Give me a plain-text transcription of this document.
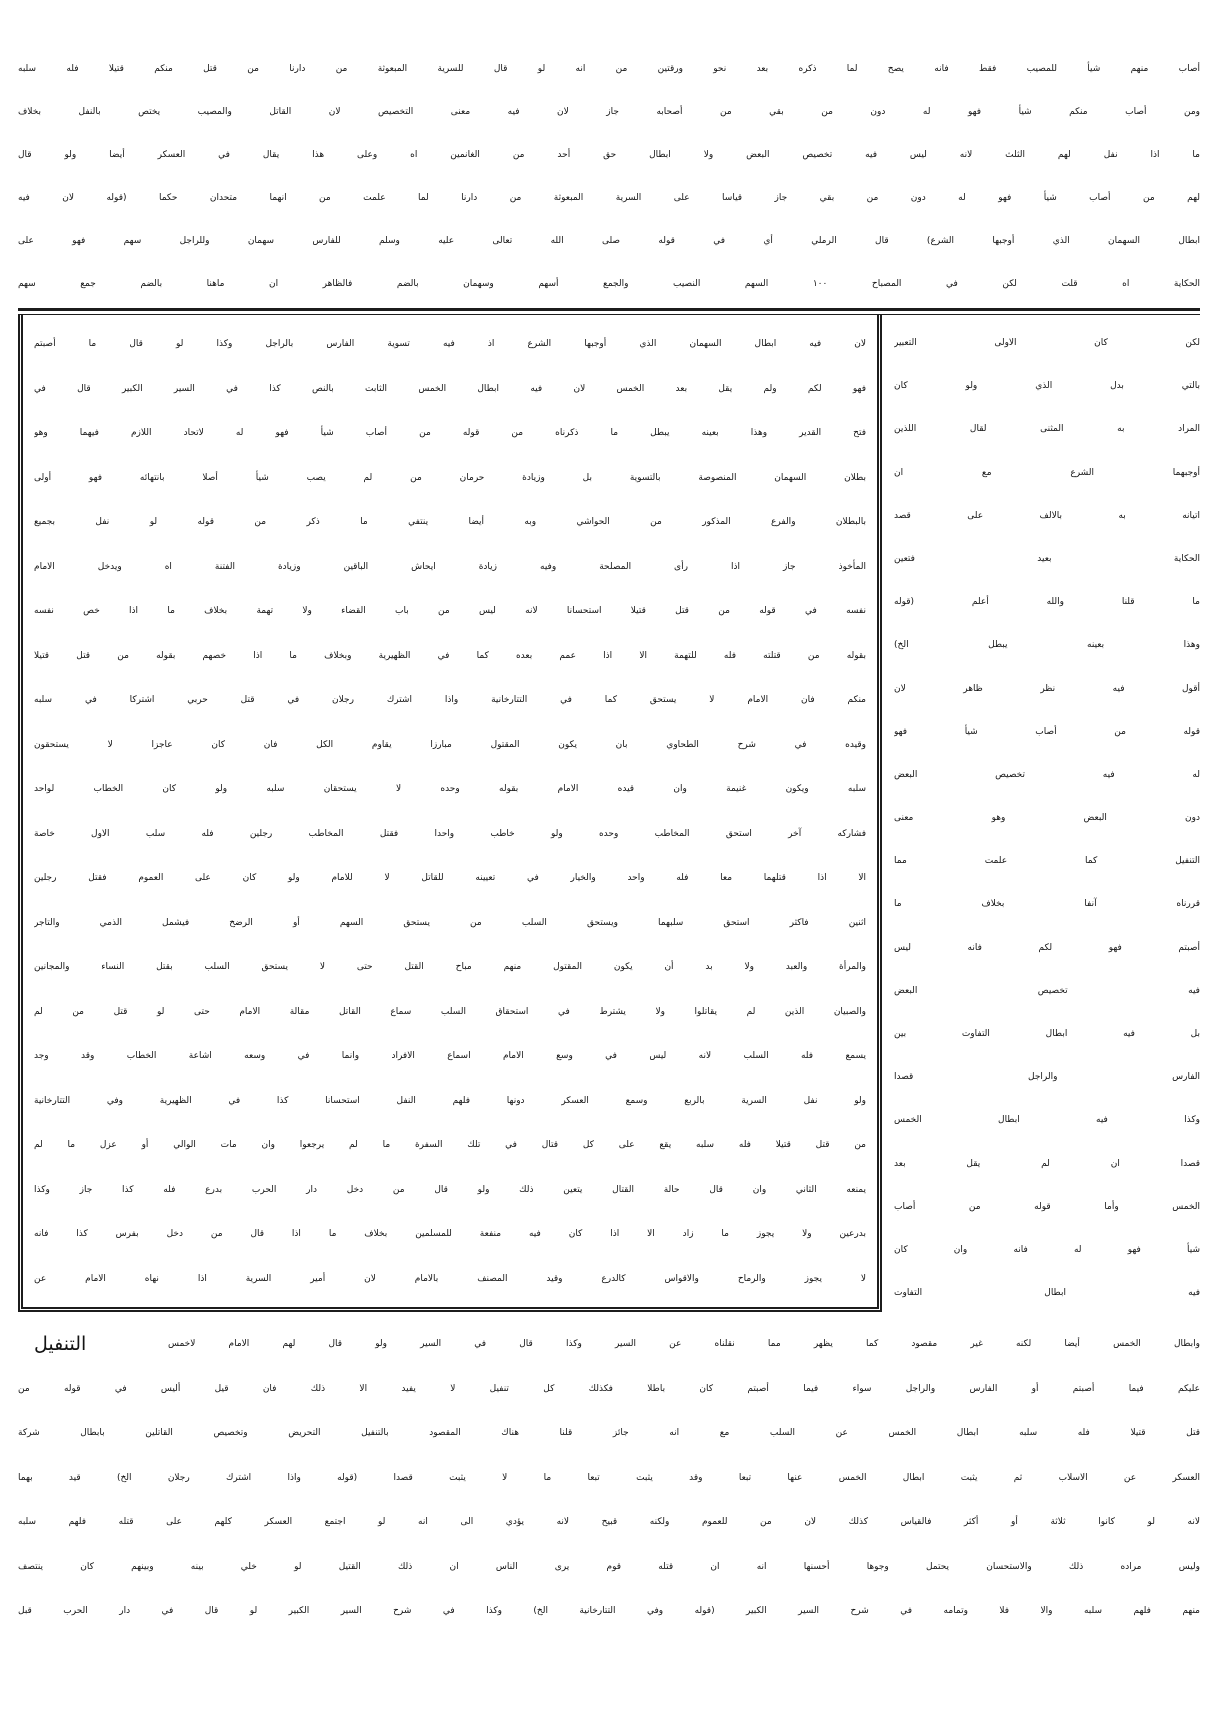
أصاب منهم شيأ للمصيب فقط فانه يصح لما ذكره بعد نحو ورقتين من انه لو قال للسرية المبعوثة من دارنا من قتل منكم قتيلا فله سلبه
ومن أصاب منكم شيأ فهو له دون من بقي من أصحابه جاز لان فيه معنى التخصيص لان القاتل والمصيب يختص بالنفل بخلاف
ما اذا نفل لهم الثلث لانه ليس فيه تخصيص البعض ولا ابطال حق أحد من الغانمين اه وعلى هذا يقال في العسكر أيضا ولو قال
لهم من أصاب شيأ فهو له دون من بقي جاز قياسا على السرية المبعوثة من دارنا لما علمت من انهما متحدان حكما (قوله لان فيه
ابطال السهمان الذي أوجبها الشرع) قال الرملي أي في قوله صلى الله تعالى عليه وسلم للفارس سهمان وللراجل سهم فهو على
الحكاية اه قلت لكن في المصباح ١٠٠ السهم النصيب والجمع أسهم وسهمان بالضم فالظاهر ان ماهنا بالضم جمع سهم
لان فيه ابطال السهمان الذي أوجبها الشرع اذ فيه تسوية الفارس بالراجل وكذا لو قال ما أصبتم
فهو لكم ولم يقل بعد الخمس لان فيه ابطال الخمس الثابت بالنص كذا في السير الكبير قال في
فتح القدير وهذا بعينه يبطل ما ذكرناه من قوله من أصاب شيأ فهو له لاتحاد اللازم فيهما وهو
بطلان السهمان المنصوصة بالتسوية بل وزيادة حرمان من لم يصب شيأ أصلا بانتهائه فهو أولى
بالبطلان والفرع المذكور من الحواشي وبه أيضا ينتفي ما ذكر من قوله لو نفل بجميع
المأخوذ جاز اذا رأى المصلحة وفيه زيادة ايحاش الباقين وزيادة الفتنة اه ويدخل الامام
نفسه في قوله من قتل قتيلا استحسانا لانه ليس من باب القضاء ولا تهمة بخلاف ما اذا خص نفسه
بقوله من قتلته فله للتهمة الا اذا عمم بعده كما في الظهيرية وبخلاف ما اذا خصهم بقوله من قتل قتيلا
منكم فان الامام لا يستحق كما في التتارخانية واذا اشترك رجلان في قتل حربي اشتركا في سلبه
وقيده في شرح الطحاوي بان يكون المقتول مبارزا يقاوم الكل فان كان عاجزا لا يستحقون
سلبه ويكون غنيمة وان قيده الامام بقوله وحده لا يستحقان سلبه ولو كان الخطاب لواحد
فشاركه آخر استحق المخاطب وحده ولو خاطب واحدا فقتل المخاطب رجلين فله سلب الاول خاصة
الا اذا قتلهما معا فله واحد والخيار في تعيينه للقاتل لا للامام ولو كان على العموم فقتل رجلين
اثنين فاكثر استحق سلبهما ويستحق السلب من يستحق السهم أو الرضخ فيشمل الذمي والتاجر
والمرأة والعبد ولا بد أن يكون المقتول منهم مباح القتل حتى لا يستحق السلب بقتل النساء والمجانين
والصبيان الذين لم يقاتلوا ولا يشترط في استحقاق السلب سماع القاتل مقالة الامام حتى لو قتل من لم
يسمع فله السلب لانه ليس في وسع الامام اسماع الافراد وانما في وسعه اشاعة الخطاب وقد وجد
ولو نفل السرية بالربع وسمع العسكر دونها فلهم النفل استحسانا كذا في الظهيرية وفي التتارخانية
من قتل قتيلا فله سلبه يقع على كل قتال في تلك السفرة ما لم يرجعوا وان مات الوالي أو عزل ما لم
يمنعه الثاني وان قال حالة القتال يتعين ذلك ولو قال من دخل دار الحرب بدرع فله كذا جاز وكذا
بدرعين ولا يجوز ما زاد الا اذا كان فيه منفعة للمسلمين بخلاف ما اذا قال من دخل بفرس كذا فانه
لا يجوز والرماح والاقواس كالدرع وقيد المصنف بالامام لان أمير السرية اذا نهاه الامام عن
لكن كان الاولى التعبير
بالتي بدل الذي ولو كان
المراد به المثنى لقال اللذين
أوجبهما الشرع مع ان
اتيانه به بالالف على قصد
الحكاية بعيد فتعين
ما قلنا والله أعلم (قوله
وهذا بعينه يبطل الخ)
أقول فيه نظر ظاهر لان
قوله من أصاب شيأ فهو
له فيه تخصيص البعض
دون البعض وهو معنى
التنفيل كما علمت مما
قررناه آنفا بخلاف ما
أصبتم فهو لكم فانه ليس
فيه تخصيص البعض
بل فيه ابطال التفاوت بين
الفارس والراجل قصدا
وكذا فيه ابطال الخمس
قصدا ان لم يقل بعد
الخمس وأما قوله من أصاب
شيأ فهو له فانه وان كان
فيه ابطال التفاوت
التنفيل	وابطال الخمس أيضا لكنه غير مقصود كما يظهر مما نقلناه عن السير وكذا قال في السير ولو قال لهم الامام لاخمس
عليكم فيما أصبتم أو الفارس والراجل سواء فيما أصبتم كان باطلا فكذلك كل تنفيل لا يفيد الا ذلك فان قيل أليس في قوله من
قتل قتيلا فله سلبه ابطال الخمس عن السلب مع انه جائز قلنا هناك المقصود بالتنفيل التحريض وتخصيص القاتلين بابطال شركة
العسكر عن الاسلاب ثم يثبت ابطال الخمس عنها تبعا وقد يثبت تبعا ما لا يثبت قصدا (قوله واذا اشترك رجلان الخ) قيد بهما
لانه لو كانوا ثلاثة أو أكثر فالقياس كذلك لان من للعموم ولكنه قبيح لانه يؤدي الى انه لو اجتمع العسكر كلهم على قتله فلهم سلبه
وليس مراده ذلك والاستحسان يحتمل وجوها أحسنها انه ان قتله قوم يرى الناس ان ذلك القتيل لو خلي بينه وبينهم كان ينتصف
منهم فلهم سلبه والا فلا وتمامه في شرح السير الكبير (قوله وفي التتارخانية الخ) وكذا في شرح السير الكبير لو قال في دار الحرب قبل
